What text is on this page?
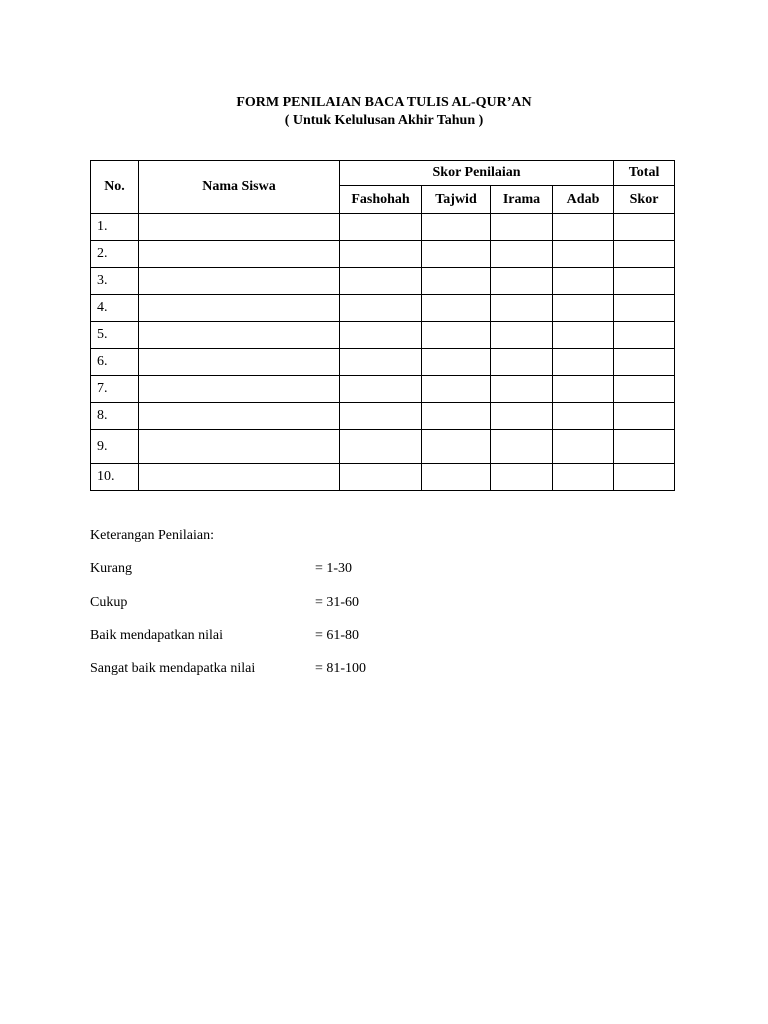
FORM PENILAIAN BACA TULIS AL-QUR’AN
( Untuk Kelulusan Akhir Tahun )
No.	Nama Siswa	Skor Penilaian				Total
		Fashohah	Tajwid	Irama	Adab	Skor
1.						
2.						
3.						
4.						
5.						
6.						
7.						
8.						
9.						
10.						
Keterangan Penilaian:
Kurang	= 1-30
Cukup	= 31-60
Baik mendapatkan nilai	= 61-80
Sangat baik mendapatka nilai	= 81-100
